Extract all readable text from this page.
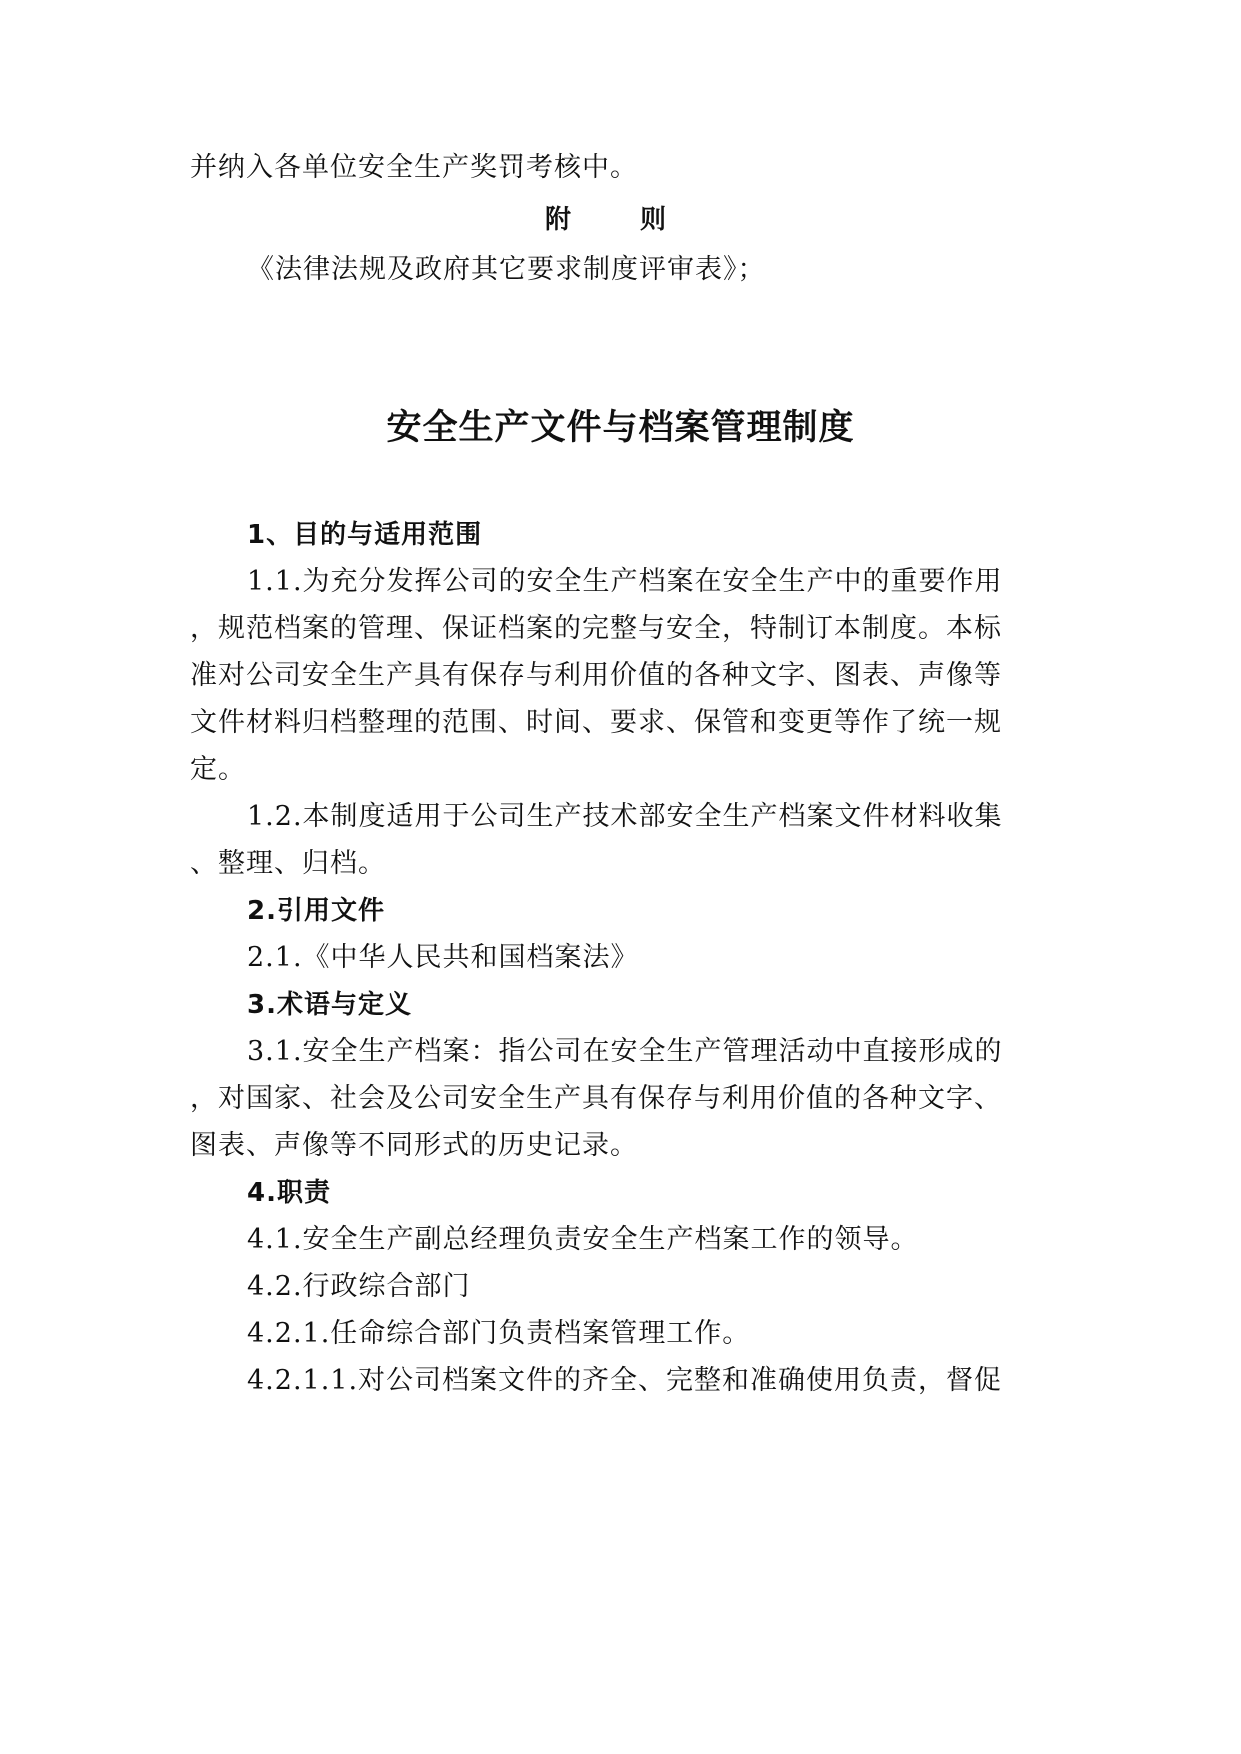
并纳入各单位安全生产奖罚考核中。
附 则
《法律法规及政府其它要求制度评审表》；
安全生产文件与档案管理制度
1、目的与适用范围
1.1.为充分发挥公司的安全生产档案在安全生产中的重要作用
，规范档案的管理、保证档案的完整与安全，特制订本制度。本标
准对公司安全生产具有保存与利用价值的各种文字、图表、声像等
文件材料归档整理的范围、时间、要求、保管和变更等作了统一规
定。
1.2.本制度适用于公司生产技术部安全生产档案文件材料收集
、整理、归档。
2.引用文件
2.1.《中华人民共和国档案法》
3.术语与定义
3.1.安全生产档案：指公司在安全生产管理活动中直接形成的
，对国家、社会及公司安全生产具有保存与利用价值的各种文字、
图表、声像等不同形式的历史记录。
4.职责
4.1.安全生产副总经理负责安全生产档案工作的领导。
4.2.行政综合部门
4.2.1.任命综合部门负责档案管理工作。
4.2.1.1.对公司档案文件的齐全、完整和准确使用负责，督促
